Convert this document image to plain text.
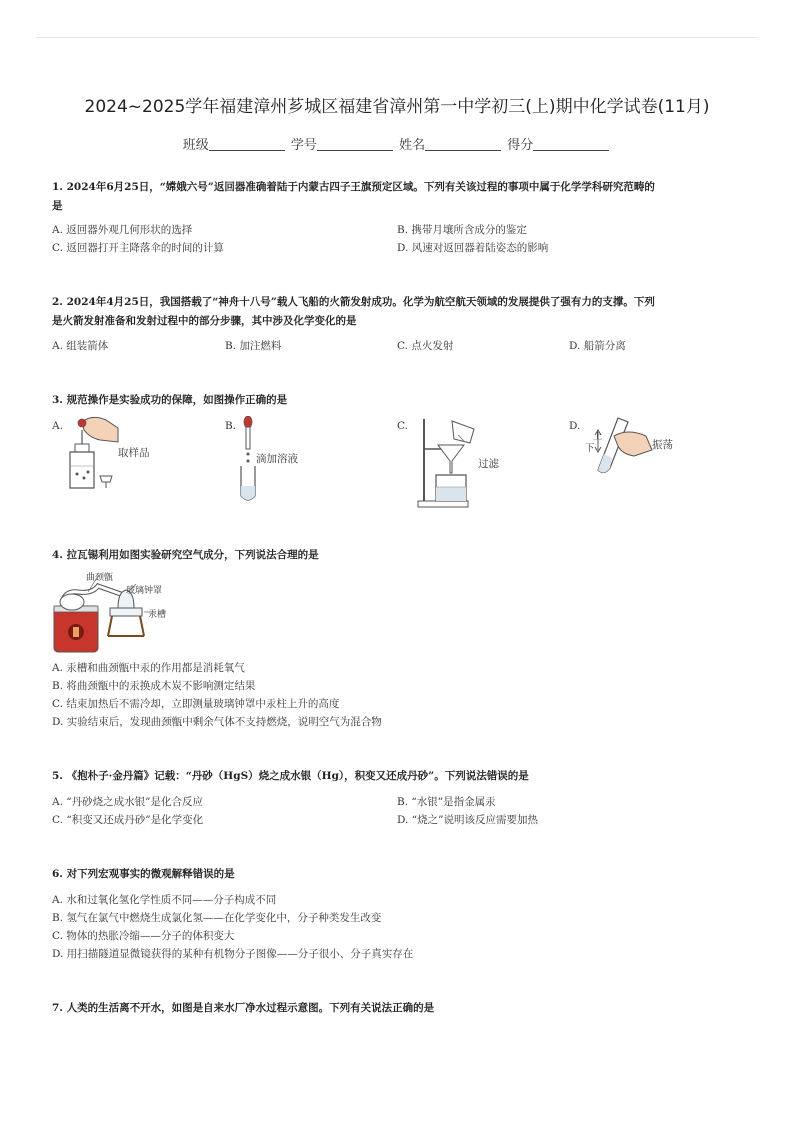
2024~2025学年福建漳州芗城区福建省漳州第一中学初三(上)期中化学试卷(11月)
班级	学号	姓名	得分
1. 2024年6月25日，“嫦娥六号”返回器准确着陆于内蒙古四子王旗预定区域。下列有关该过程的事项中属于化学学科研究范畴的
是
A. 返回器外观几何形状的选择	B. 携带月壤所含成分的鉴定
C. 返回器打开主降落伞的时间的计算	D. 风速对返回器着陆姿态的影响
2. 2024年4月25日，我国搭载了“神舟十八号”载人飞船的火箭发射成功。化学为航空航天领域的发展提供了强有力的支撑。下列
是火箭发射准备和发射过程中的部分步骤，其中涉及化学变化的是
A. 组装箭体	B. 加注燃料	C. 点火发射	D. 船箭分离
3. 规范操作是实验成功的保障，如图操作正确的是
A.	B.	C.	D.
取样品	滴加溶液	过滤
上
下	振荡
4. 拉瓦锡利用如图实验研究空气成分，下列说法合理的是
曲颈甑
玻璃钟罩
汞槽
A. 汞槽和曲颈甑中汞的作用都是消耗氧气
B. 将曲颈甑中的汞换成木炭不影响测定结果
C. 结束加热后不需冷却，立即测量玻璃钟罩中汞柱上升的高度
D. 实验结束后，发现曲颈甑中剩余气体不支持燃烧，说明空气为混合物
5. 《抱朴子·金丹篇》记载：“丹砂（HgS）烧之成水银（Hg），积变又还成丹砂”。下列说法错误的是
A. “丹砂烧之成水银”是化合反应	B. “水银”是指金属汞
C. “积变又还成丹砂”是化学变化	D. “烧之”说明该反应需要加热
6. 对下列宏观事实的微观解释错误的是
A. 水和过氧化氢化学性质不同——分子构成不同
B. 氢气在氯气中燃烧生成氯化氢——在化学变化中，分子种类发生改变
C. 物体的热胀冷缩——分子的体积变大
D. 用扫描隧道显微镜获得的某种有机物分子图像——分子很小、分子真实存在
7. 人类的生活离不开水，如图是自来水厂净水过程示意图。下列有关说法正确的是
